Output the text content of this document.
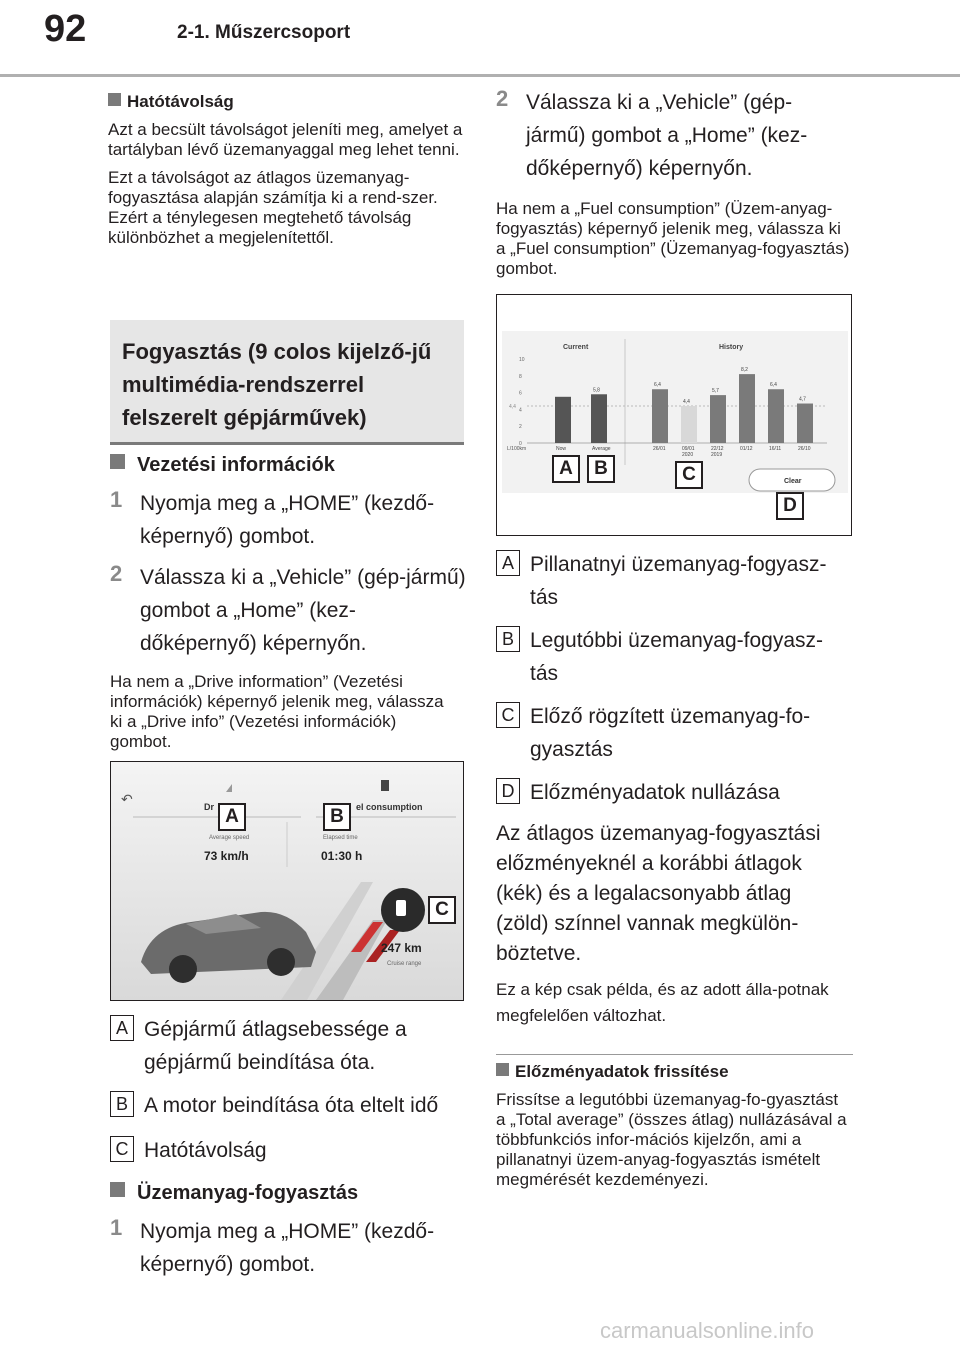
92	2-1. Műszercsoport
Hatótávolság
Azt a becsült távolságot jeleníti meg, amelyet a tartályban lévő üzemanyaggal meg lehet tenni.
Ezt a távolságot az átlagos üzemanyag-fogyasztása alapján számítja ki a rend-szer.
Ezért a ténylegesen megtehető távolság különbözhet a megjelenítettől.
Fogyasztás (9 colos kijelző-jű multimédia-rendszerrel felszerelt gépjárművek)
Vezetési információk
1 Nyomja meg a „HOME” (kezdő-képernyő) gombot.
2 Válassza ki a „Vehicle” (gép-jármű) gombot a „Home” (kez-dőképernyő) képernyőn.
Ha nem a „Drive information” (Vezetési információk) képernyő jelenik meg, válassza ki a „Drive info” (Vezetési információk) gombot.
↶	Dr	el consumption
Average speed
73 km/h
Elapsed time
01:30 h
247 km
Cruise range
A	B
C
A Gépjármű átlagsebessége a gépjármű beindítása óta.
B A motor beindítása óta eltelt idő
C Hatótávolság
Üzemanyag-fogyasztás
1 Nyomja meg a „HOME” (kezdő-képernyő) gombot.
2 Válassza ki a „Vehicle” (gép-jármű) gombot a „Home” (kez-dőképernyő) képernyőn.
Ha nem a „Fuel consumption” (Üzem-anyag-fogyasztás) képernyő jelenik meg, válassza ki a „Fuel consumption” (Üzemanyag-fogyasztás) gombot.
Current	History
L/100km
Clear
0
2
4
6
8
10
4,4
Now
5,8
Average
6,4
26/01
4,4
09/01
2020
5,7
22/12
2019
8,2
01/12
6,4
16/11
4,7
26/10
A	B	C
D
A Pillanatnyi üzemanyag-fogyasz-tás
B Legutóbbi üzemanyag-fogyasz-tás
C Előző rögzített üzemanyag-fo-gyasztás
D Előzményadatok nullázása
Az átlagos üzemanyag-fogyasztási előzményeknél a korábbi átlagok (kék) és a legalacsonyabb átlag (zöld) színnel vannak megkülön-böztetve.
Ez a kép csak példa, és az adott álla-potnak megfelelően változhat.
Előzményadatok frissítése
Frissítse a legutóbbi üzemanyag-fo-gyasztást a „Total average” (összes átlag) nullázásával a többfunkciós infor-mációs kijelzőn, ami a pillanatnyi üzem-anyag-fogyasztás ismételt megmérését kezdeményezi.
carmanualsonline.info
